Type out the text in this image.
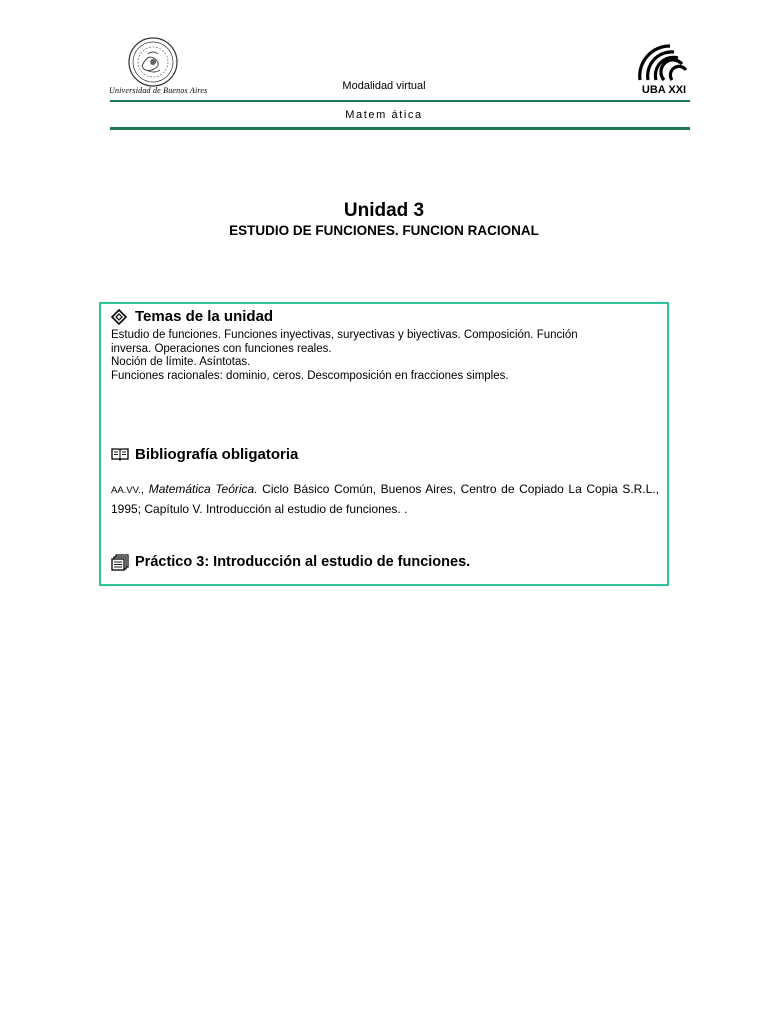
Universidad de Buenos Aires	Modalidad virtual
Matem ática
UBA XXI
Unidad 3
ESTUDIO DE FUNCIONES. FUNCION RACIONAL
Temas de la unidad
Estudio de funciones. Funciones inyectivas, suryectivas y biyectivas. Composición. Función
inversa. Operaciones con funciones reales.
Noción de límite. Asíntotas.
Funciones racionales: dominio, ceros. Descomposición en fracciones simples.
Bibliografía obligatoria
AA.VV., Matemática Teórica. Ciclo Básico Común, Buenos Aires, Centro de Copiado La Copia S.R.L., 1995; Capítulo V. Introducción al estudio de funciones. .
Práctico 3: Introducción al estudio de funciones.
